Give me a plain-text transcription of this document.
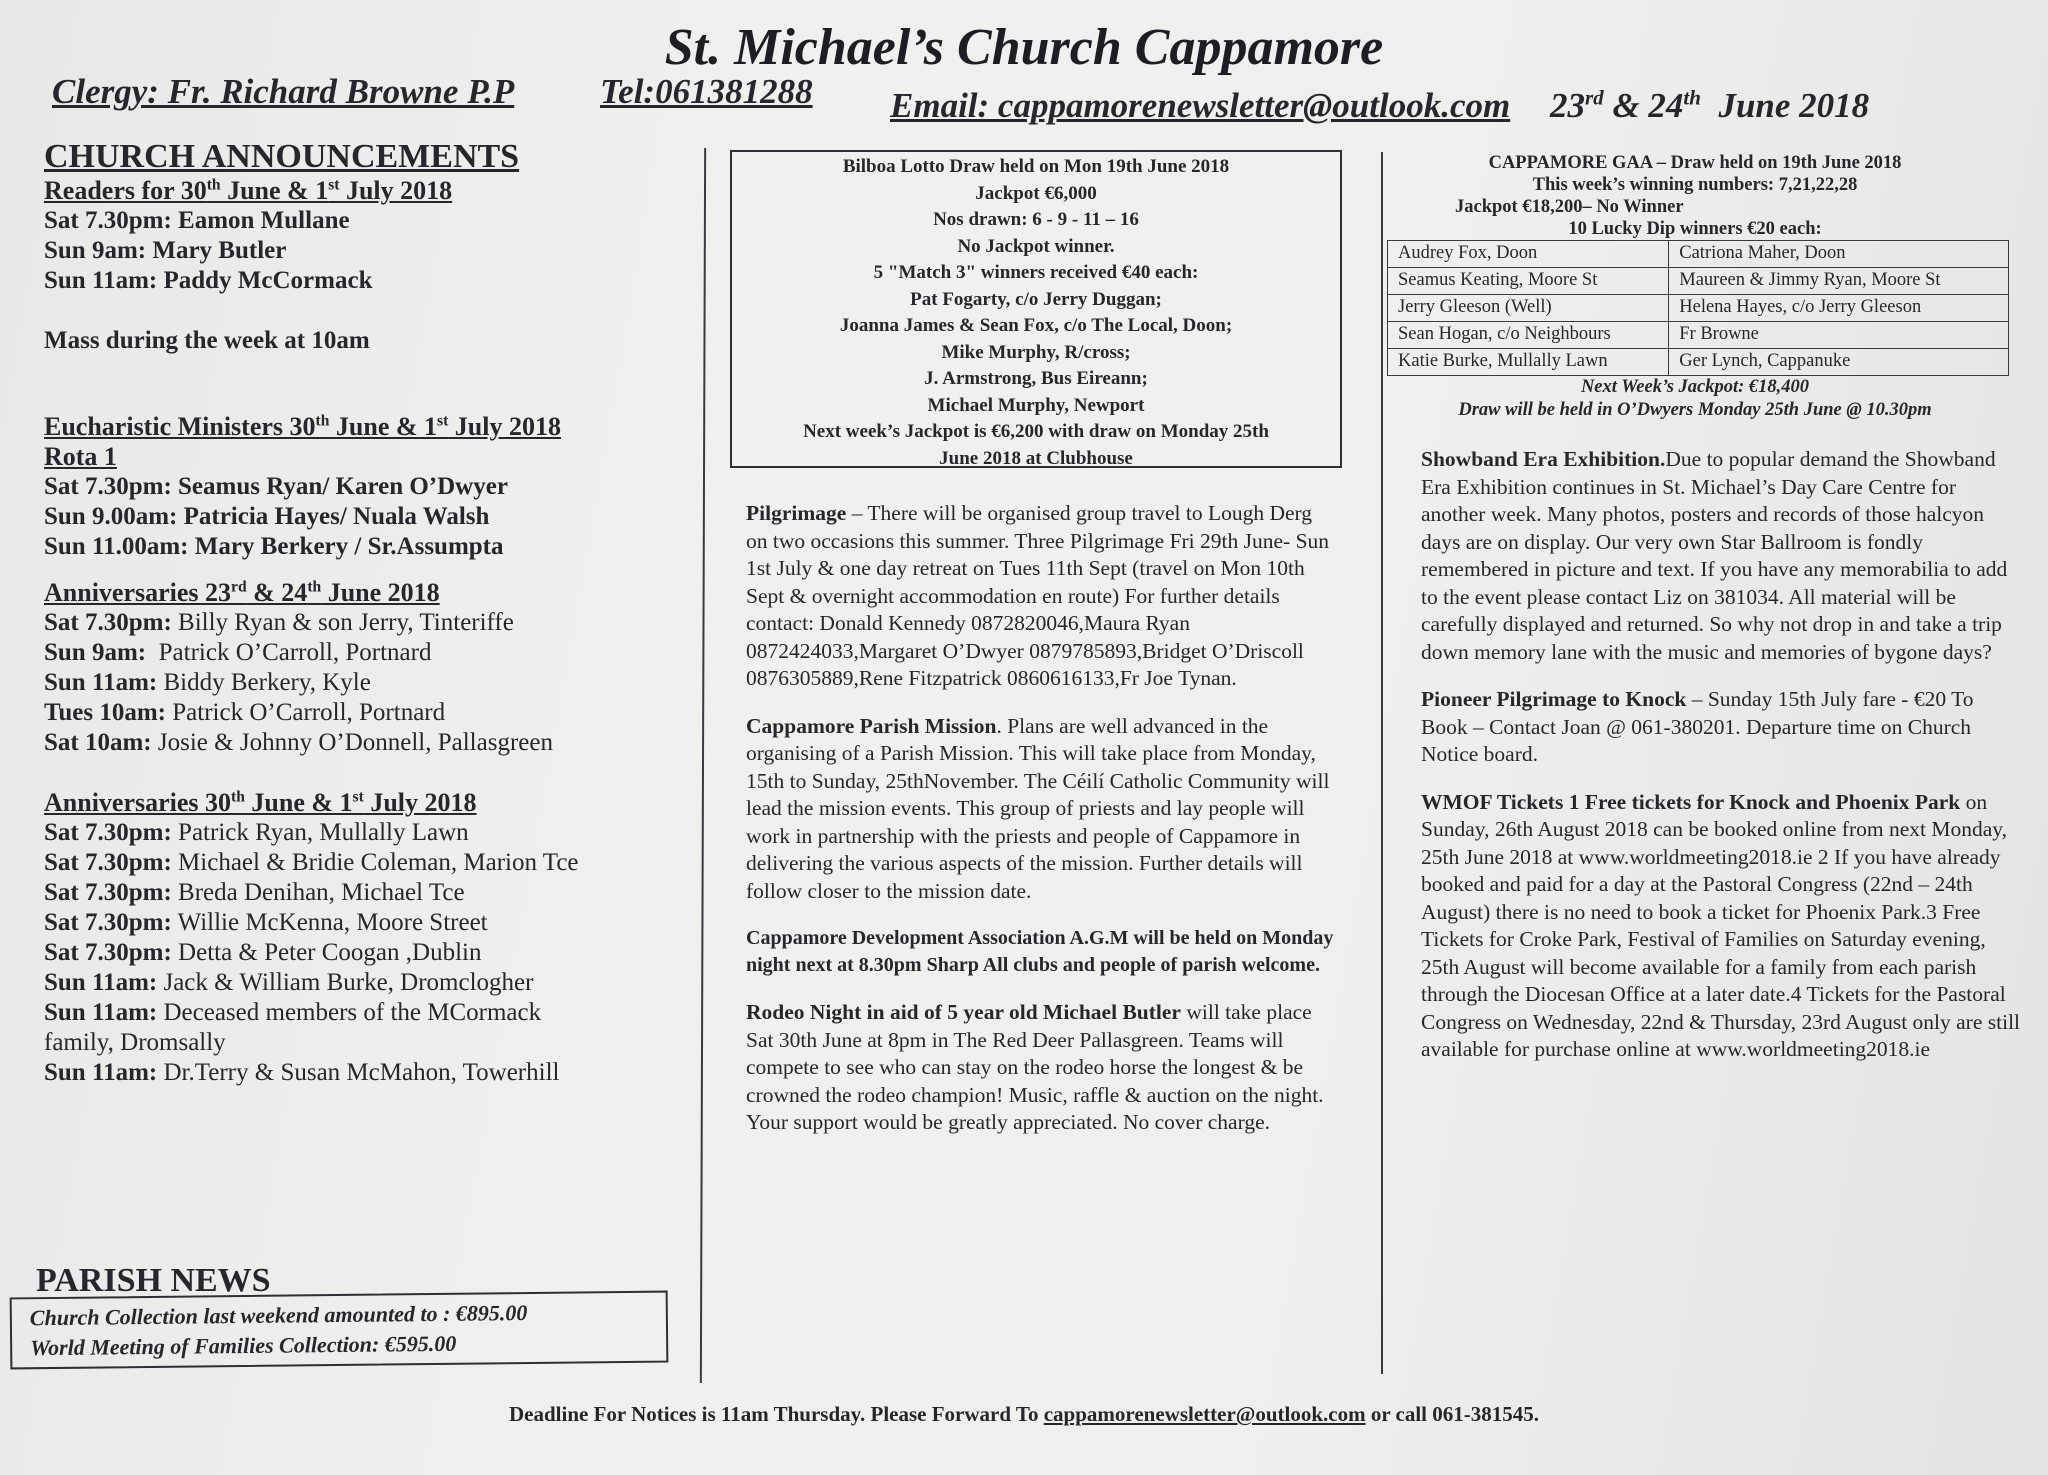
St. Michael’s Church Cappamore
Clergy: Fr. Richard Browne P.P Tel:061381288 Email: cappamorenewsletter@outlook.com 23rd & 24th  June 2018
CHURCH ANNOUNCEMENTS
Readers for 30th June & 1st July 2018
Sat 7.30pm: Eamon Mullane
Sun 9am: Mary Butler
Sun 11am: Paddy McCormack
Mass during the week at 10am
Eucharistic Ministers 30th June & 1st July 2018
Rota 1
Sat 7.30pm: Seamus Ryan/ Karen O’Dwyer
Sun 9.00am: Patricia Hayes/ Nuala Walsh
Sun 11.00am: Mary Berkery / Sr.Assumpta
Anniversaries 23rd & 24th June 2018
Sat 7.30pm: Billy Ryan & son Jerry, Tinteriffe
Sun 9am:  Patrick O’Carroll, Portnard
Sun 11am: Biddy Berkery, Kyle
Tues 10am: Patrick O’Carroll, Portnard
Sat 10am: Josie & Johnny O’Donnell, Pallasgreen
Anniversaries 30th June & 1st July 2018
Sat 7.30pm: Patrick Ryan, Mullally Lawn
Sat 7.30pm: Michael & Bridie Coleman, Marion Tce
Sat 7.30pm: Breda Denihan, Michael Tce
Sat 7.30pm: Willie McKenna, Moore Street
Sat 7.30pm: Detta & Peter Coogan ,Dublin
Sun 11am: Jack & William Burke, Dromclogher
Sun 11am: Deceased members of the MCormack
family, Dromsally
Sun 11am: Dr.Terry & Susan McMahon, Towerhill
PARISH NEWS
Church Collection last weekend amounted to : €895.00
World Meeting of Families Collection: €595.00
Bilboa Lotto Draw held on Mon 19th June 2018
Jackpot €6,000
Nos drawn: 6 - 9 - 11 – 16
No Jackpot winner.
5 "Match 3" winners received €40 each:
Pat Fogarty, c/o Jerry Duggan;
Joanna James & Sean Fox, c/o The Local, Doon;
Mike Murphy, R/cross;
J. Armstrong, Bus Eireann;
Michael Murphy, Newport
Next week’s Jackpot is €6,200 with draw on Monday 25th
June 2018 at Clubhouse

Pilgrimage – There will be organised group travel to Lough Derg on two occasions this summer. Three Pilgrimage Fri 29th June- Sun 1st July & one day retreat on Tues 11th Sept (travel on Mon 10th Sept & overnight accommodation en route) For further details contact: Donald Kennedy 0872820046,Maura Ryan 0872424033,Margaret O’Dwyer 0879785893,Bridget O’Driscoll 0876305889,Rene Fitzpatrick 0860616133,Fr Joe Tynan.

Cappamore Parish Mission. Plans are well advanced in the organising of a Parish Mission. This will take place from Monday, 15th to Sunday, 25thNovember. The Céilí Catholic Community will lead the mission events. This group of priests and lay people will work in partnership with the priests and people of Cappamore in delivering the various aspects of the mission. Further details will follow closer to the mission date.

Cappamore Development Association A.G.M will be held on Monday night next at 8.30pm Sharp All clubs and people of parish welcome.

Rodeo Night in aid of 5 year old Michael Butler will take place Sat 30th June at 8pm in The Red Deer Pallasgreen. Teams will compete to see who can stay on the rodeo horse the longest & be crowned the rodeo champion! Music, raffle & auction on the night. Your support would be greatly appreciated. No cover charge.

CAPPAMORE GAA – Draw held on 19th June 2018
This week’s winning numbers: 7,21,22,28
Jackpot €18,200– No Winner
10 Lucky Dip winners €20 each:
Audrey Fox, Doon	Catriona Maher, Doon
Seamus Keating, Moore St	Maureen & Jimmy Ryan, Moore St
Jerry Gleeson (Well)	Helena Hayes, c/o Jerry Gleeson
Sean Hogan, c/o Neighbours	Fr Browne
Katie Burke, Mullally Lawn	Ger Lynch, Cappanuke
Next Week’s Jackpot: €18,400
Draw will be held in O’Dwyers Monday 25th June @ 10.30pm

Showband Era Exhibition.Due to popular demand the Showband Era Exhibition continues in St. Michael’s Day Care Centre for another week. Many photos, posters and records of those halcyon days are on display. Our very own Star Ballroom is fondly remembered in picture and text. If you have any memorabilia to add to the event please contact Liz on 381034. All material will be carefully displayed and returned. So why not drop in and take a trip down memory lane with the music and memories of bygone days?

Pioneer Pilgrimage to Knock – Sunday 15th July fare - €20 To Book – Contact Joan @ 061-380201. Departure time on Church Notice board.

WMOF Tickets 1 Free tickets for Knock and Phoenix Park on Sunday, 26th August 2018 can be booked online from next Monday, 25th June 2018 at www.worldmeeting2018.ie 2 If you have already booked and paid for a day at the Pastoral Congress (22nd – 24th August) there is no need to book a ticket for Phoenix Park.3 Free Tickets for Croke Park, Festival of Families on Saturday evening, 25th August will become available for a family from each parish through the Diocesan Office at a later date.4 Tickets for the Pastoral Congress on Wednesday, 22nd & Thursday, 23rd August only are still available for purchase online at www.worldmeeting2018.ie

Deadline For Notices is 11am Thursday. Please Forward To cappamorenewsletter@outlook.com or call 061-381545.
